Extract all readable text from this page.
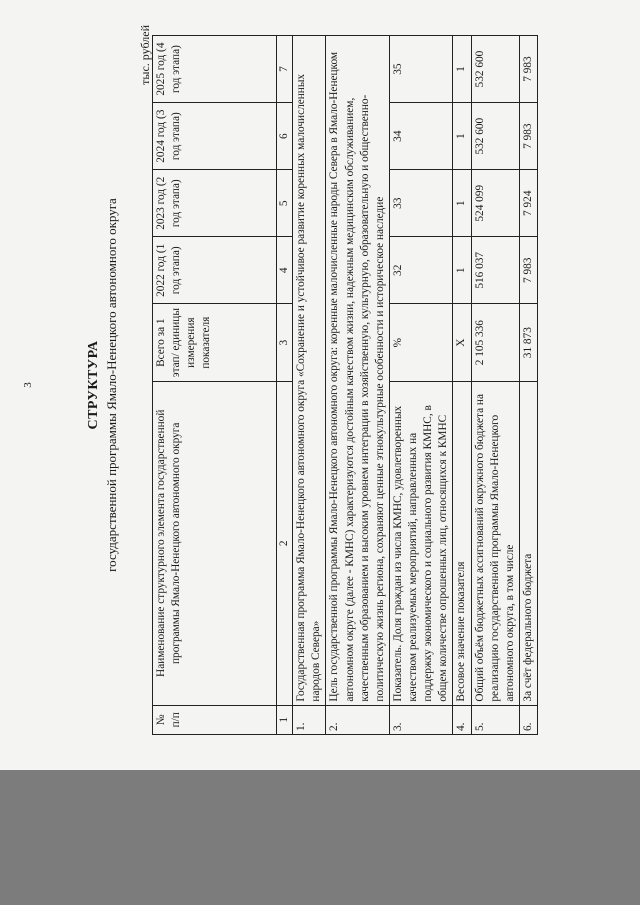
3	СТРУКТУРА государственной программы Ямало-Ненецкого автономного округа
тыс. рублей
№ п/п	Наименование структурного элемента государственной программы Ямало-Ненецкого автономного округа	Всего за 1 этап/ единицы измерения показателя	2022 год (1 год этапа)	2023 год (2 год этапа)	2024 год (3 год этапа)	2025 год (4 год этапа)
1	2	3	4	5	6	7
1.	Государственная программа Ямало-Ненецкого автономного округа «Сохранение и устойчивое развитие коренных малочисленных народов Севера»					
2.	Цель государственной программы Ямало-Ненецкого автономного округа: коренные малочисленные народы Севера в Ямало-Ненецком автономном округе (далее - КМНС) характеризуются достойным качеством жизни, надежным медицинским обслуживанием, качественным образованием и высоким уровнем интеграции в хозяйственную, культурную, образовательную и общественно-политическую жизнь региона, сохраняют ценные этнокультурные особенности и историческое наследие					
3.	Показатель. Доля граждан из числа КМНС, удовлетворенных качеством реализуемых мероприятий, направленных на поддержку экономического и социального развития КМНС, в общем количестве опрошенных лиц, относящихся к КМНС	%	32	33	34	35
4.	Весовое значение показателя	Х	1	1	1	1
5.	Общий объём бюджетных ассигнований окружного бюджета на реализацию государственной программы Ямало-Ненецкого автономного округа, в том числе	2 105 336	516 037	524 099	532 600	532 600
6.	За счёт федерального бюджета	31 873	7 983	7 924	7 983	7 983
